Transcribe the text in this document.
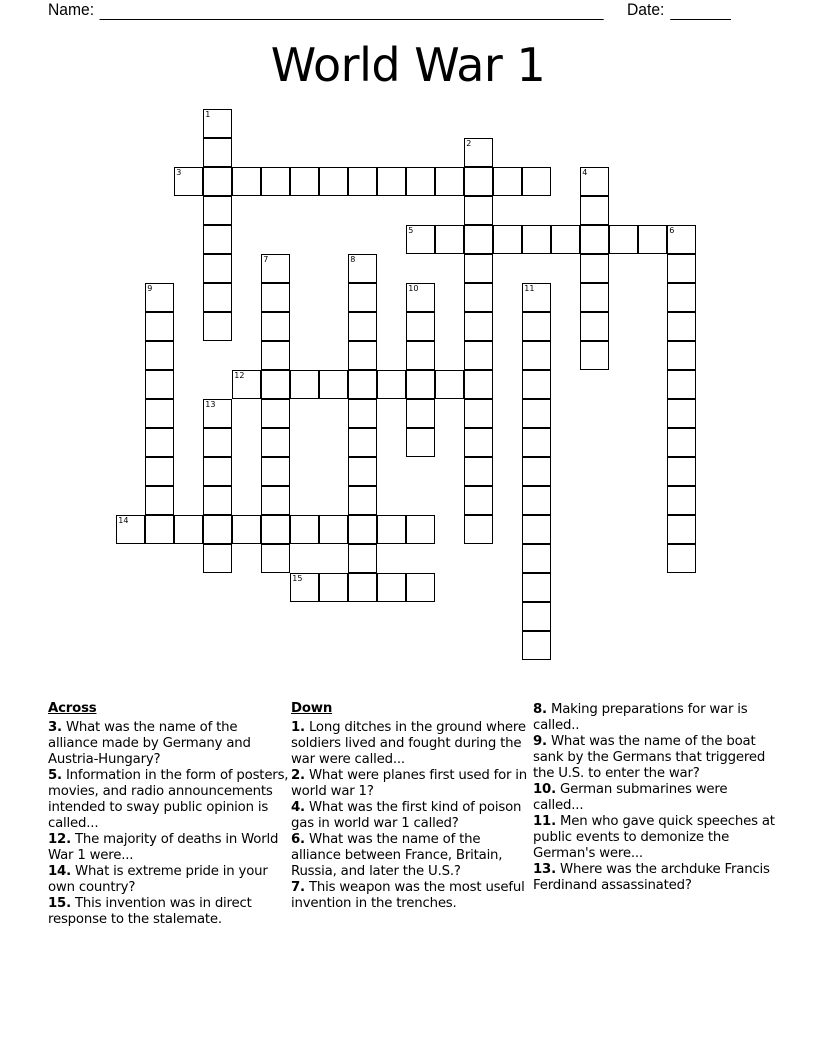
Name:	Date:
World War 1
3
5	6
12
14
15
1
2
4
7	8
9	10	11
13
Across

3. What was the name of the alliance made by Germany and Austria-Hungary?

5. Information in the form of posters, movies, and radio announcements intended to sway public opinion is called...

12. The majority of deaths in World War 1 were...

14. What is extreme pride in your own country?

15. This invention was in direct response to the stalemate.

Down

1. Long ditches in the ground where soldiers lived and fought during the war were called...

2. What were planes first used for in world war 1?

4. What was the first kind of poison gas in world war 1 called?

6. What was the name of the alliance between France, Britain, Russia, and later the U.S.?

7. This weapon was the most useful invention in the trenches.

8. Making preparations for war is called..

9. What was the name of the boat sank by the Germans that triggered the U.S. to enter the war?

10. German submarines were called...

11. Men who gave quick speeches at public events to demonize the German's were...

13. Where was the archduke Francis Ferdinand assassinated?
